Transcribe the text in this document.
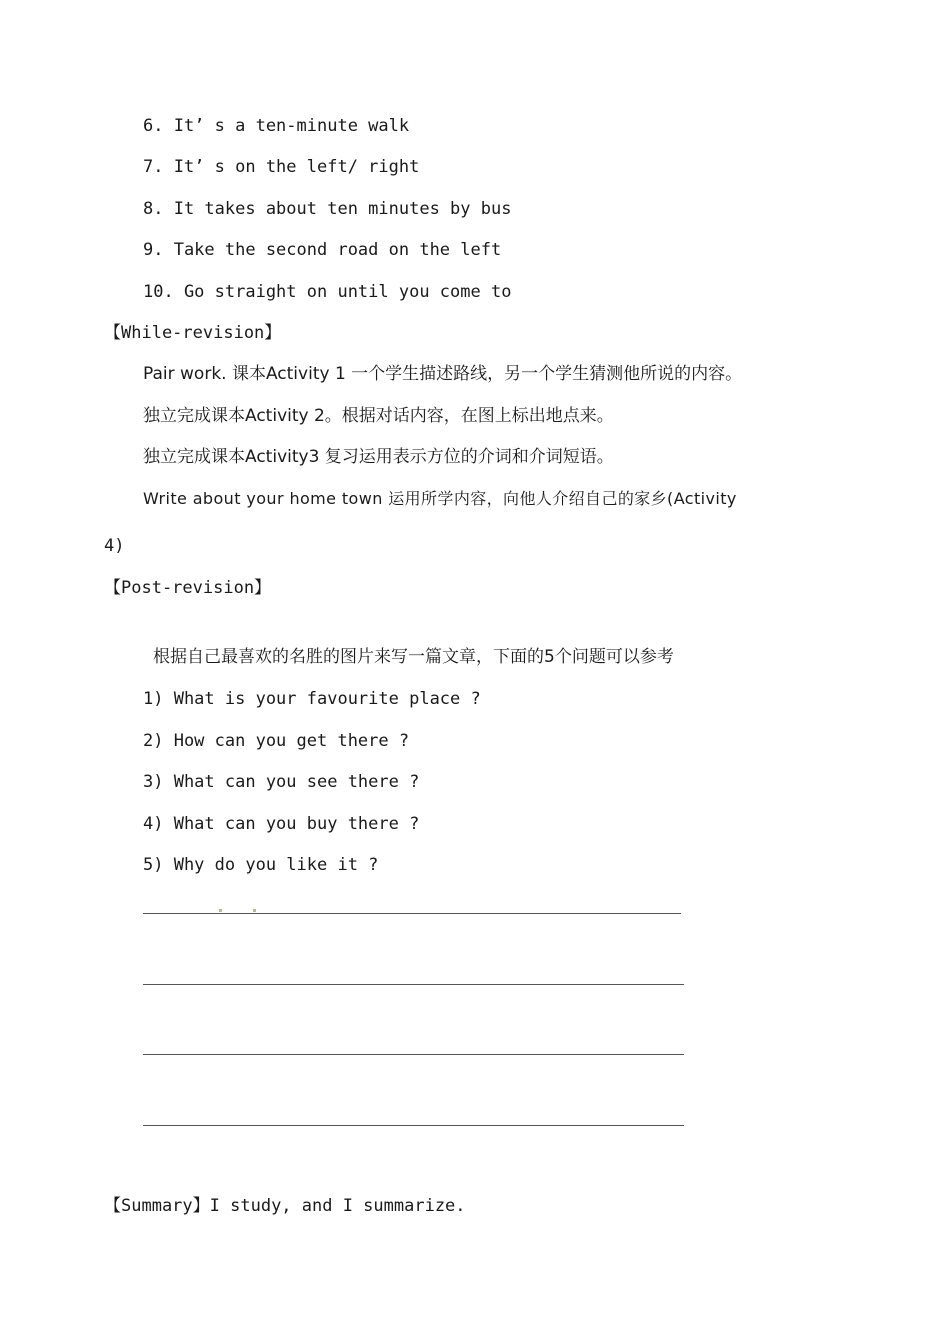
6. It’ s a ten-minute walk
7. It’ s on the left/ right
8. It takes about ten minutes by bus
9. Take the second road on the left
10. Go straight on until you come to
【While-revision】
Pair work. 课本Activity 1 一个学生描述路线，另一个学生猜测他所说的内容。
独立完成课本Activity 2。根据对话内容，在图上标出地点来。
独立完成课本Activity3 复习运用表示方位的介词和介词短语。
Write about your home town 运用所学内容，向他人介绍自己的家乡(Activity
4)
【Post-revision】
根据自己最喜欢的名胜的图片来写一篇文章，下面的5个问题可以参考
1) What is your favourite place ?
2) How can you get there ?
3) What can you see there ?
4) What can you buy there ?
5) Why do you like it ?
【Summary】I study, and I summarize.
